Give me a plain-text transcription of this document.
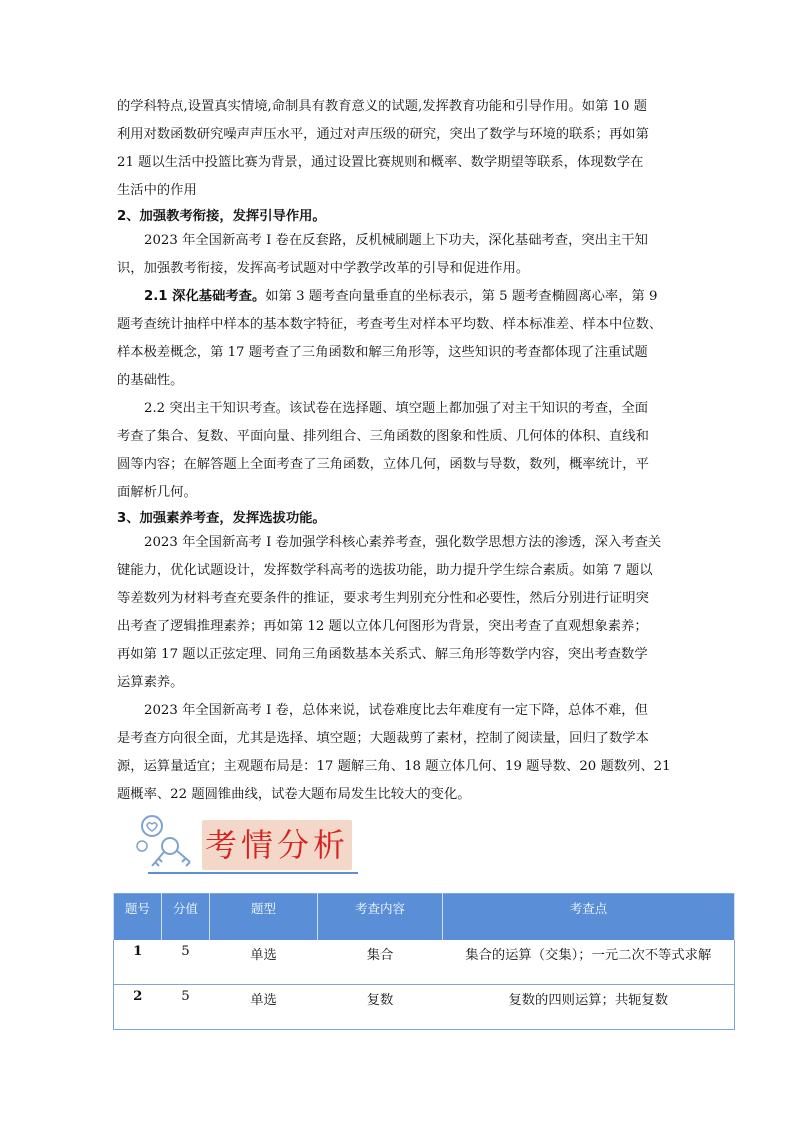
的学科特点,设置真实情境,命制具有教育意义的试题,发挥教育功能和引导作用。如第 10 题
利用对数函数研究噪声声压水平，通过对声压级的研究，突出了数学与环境的联系；再如第
21 题以生活中投篮比赛为背景，通过设置比赛规则和概率、数学期望等联系，体现数学在
生活中的作用

2、加强教考衔接，发挥引导作用。

2023 年全国新高考 I 卷在反套路，反机械刷题上下功夫，深化基础考查，突出主干知
识，加强教考衔接，发挥高考试题对中学教学改革的引导和促进作用。
2.1 深化基础考查。如第 3 题考查向量垂直的坐标表示，第 5 题考查椭圆离心率，第 9
题考查统计抽样中样本的基本数字特征，考查考生对样本平均数、样本标准差、样本中位数、
样本极差概念，第 17 题考查了三角函数和解三角形等，这些知识的考查都体现了注重试题
的基础性。
2.2 突出主干知识考查。该试卷在选择题、填空题上都加强了对主干知识的考查，全面
考查了集合、复数、平面向量、排列组合、三角函数的图象和性质、几何体的体积、直线和
圆等内容；在解答题上全面考查了三角函数，立体几何，函数与导数，数列，概率统计，平
面解析几何。

3、加强素养考查，发挥选拔功能。

2023 年全国新高考 I 卷加强学科核心素养考查，强化数学思想方法的渗透，深入考查关
键能力，优化试题设计，发挥数学科高考的选拔功能，助力提升学生综合素质。如第 7 题以
等差数列为材料考查充要条件的推证，要求考生判别充分性和必要性，然后分别进行证明突
出考查了逻辑推理素养；再如第 12 题以立体几何图形为背景，突出考查了直观想象素养；
再如第 17 题以正弦定理、同角三角函数基本关系式、解三角形等数学内容，突出考查数学
运算素养。
2023 年全国新高考 I 卷，总体来说，试卷难度比去年难度有一定下降，总体不难，但
是考查方向很全面，尤其是选择、填空题；大题裁剪了素材，控制了阅读量，回归了数学本
源，运算量适宜；主观题布局是：17 题解三角、18 题立体几何、19 题导数、20 题数列、21
题概率、22 题圆锥曲线，试卷大题布局发生比较大的变化。
考情分析
题号	分值	题型	考查内容	考查点
1	5	单选	集合	集合的运算（交集）；一元二次不等式求解
2	5	单选	复数	复数的四则运算；共轭复数
